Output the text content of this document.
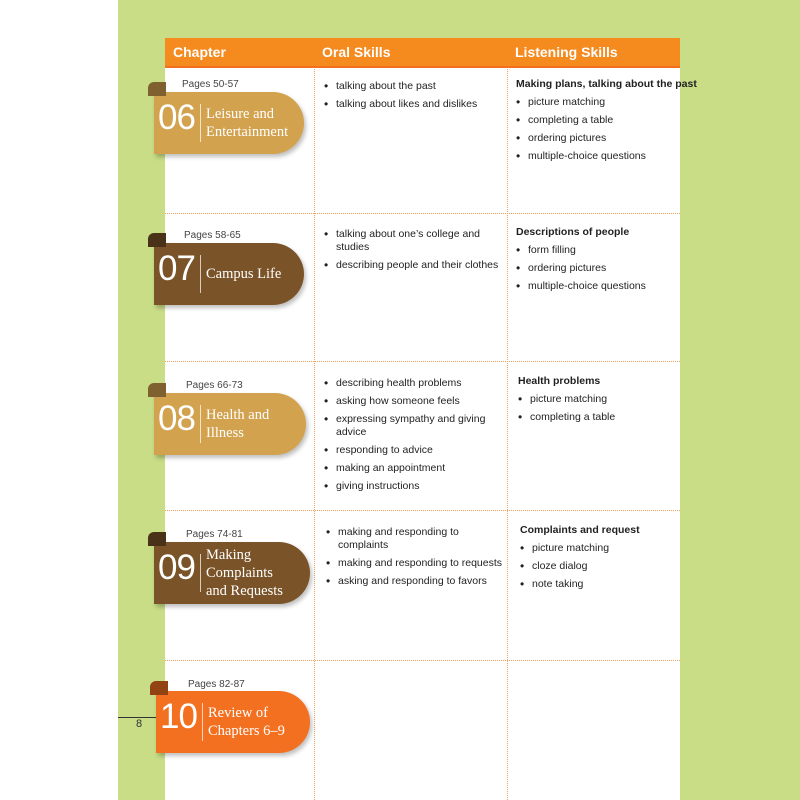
Chapter	Oral Skills	Listening Skills
Pages 50-57
06 Leisure and
Entertainment
• talking about the past
• talking about likes and dislikes
Making plans, talking about the past
• picture matching
• completing a table
• ordering pictures
• multiple-choice questions
Pages 58-65
07 Campus Life
• talking about one’s college and studies
• describing people and their clothes
Descriptions of people
• form filling
• ordering pictures
• multiple-choice questions
Pages 66-73
08 Health and
Illness
• describing health problems
• asking how someone feels
• expressing sympathy and giving advice
• responding to advice
• making an appointment
• giving instructions
Health problems
• picture matching
• completing a table
Pages 74-81
09 Making
Complaints
and Requests
• making and responding to complaints
• making and responding to requests
• asking and responding to favors
Complaints and request
• picture matching
• cloze dialog
• note taking
Pages 82-87
10 Review of
Chapters 6–9
8
